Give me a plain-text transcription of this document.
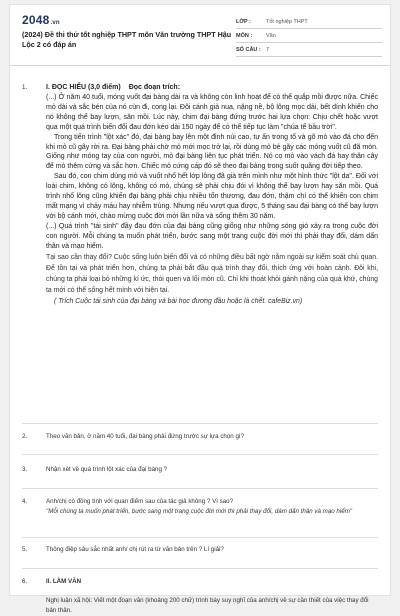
2048.vn
(2024) Đề thi thử tốt nghiệp THPT môn Văn trường THPT Hậu Lộc 2 có đáp án
LỚP :	Tốt nghiệp THPT
MÔN :	Văn
SỐ CÂU : 7
1.	I. ĐỌC HIỂU (3,0 điểm) Đọc đoạn trích:

(...) Ở năm 40 tuổi, móng vuốt đại bàng dài ra và không còn linh hoạt để có thể quắp mồi được nữa. Chiếc mỏ dài và sắc bén của nó cùn đi, cong lại. Đôi cánh già nua, nặng nề, bộ lông mọc dài, bết dính khiến cho nó không thể bay lượn, săn mồi. Lúc này, chim đại bàng đứng trước hai lựa chọn: Chịu chết hoặc vượt qua một quá trình biến đổi đau đớn kéo dài 150 ngày để có thể tiếp tục làm "chúa tể bầu trời".

Trong tiến trình "lột xác" đó, đại bàng bay lên một đỉnh núi cao, tự ẩn trong tổ và gõ mỏ vào đá cho đến khi mỏ cũ gãy rời ra. Đại bàng phải chờ mỏ mới mọc trở lại, rồi dùng mỏ bẻ gãy các móng vuốt cũ đã mòn. Giống như móng tay của con người, mỏ đại bàng liên tục phát triển. Nó cọ mỏ vào vách đá hay thân cây để mỏ thêm cứng và sắc hơn. Chiếc mỏ cứng cáp đó sẽ theo đại bàng trong suốt quãng đời tiếp theo.

Sau đó, con chim dùng mỏ và vuốt nhổ hết lớp lông đã già trên mình như một hình thức "lột da". Đối với loài chim, không có lông, không có mỏ, chúng sẽ phải chịu đói vì không thể bay lượn hay săn mồi. Quá trình nhổ lông cũng khiến đại bàng phải chịu nhiều tổn thương, đau đớn, thậm chí có thể khiến con chim mất mạng vì chảy máu hay nhiễm trùng. Nhưng nếu vượt qua được, 5 tháng sau đại bàng có thể bay lượn với bộ cánh mới, chào mừng cuộc đời mới lần nữa và sống thêm 30 năm.

(...) Quá trình "tái sinh" đầy đau đớn của đại bàng cũng giống như những sóng gió xảy ra trong cuộc đời con người. Mỗi chúng ta muốn phát triển, bước sang một trang cuộc đời mới thì phải thay đổi, dám dấn thân và mạo hiểm.

Tại sao cần thay đổi? Cuộc sống luôn biến đổi và có những điều bất ngờ nằm ngoài sự kiểm soát chủ quan. Để tồn tại và phát triển hơn, chúng ta phải bắt đầu quá trình thay đổi, thích ứng với hoàn cảnh. Đôi khi, chúng ta phải loại bỏ những kí ức, thói quen và lối mòn cũ. Chỉ khi thoát khỏi gánh nặng của quá khứ, chúng ta mới có thể sống hết mình với hiện tại.

( Trích Cuộc tái sinh của đại bàng và bài học đương đầu hoặc là chết. cafeBiz.vn)

2.	Theo văn bản, ở năm 40 tuổi, đại bàng phải đứng trước sự lựa chọn gì?
3.	Nhận xét về quá trình lột xác của đại bàng ?
4.	Anh/chị có đồng tình với quan điểm sau của tác giả không ? Vì sao?
"Mỗi chúng ta muốn phát triển, bước sang một trang cuộc đời mới thì phải thay đổi, dám dấn thân và mạo hiểm"
5.	Thông điệp sâu sắc nhất anh/ chị rút ra từ văn bản trên ? Lí giải?
6.	II. LÀM VĂN
Nghị luận xã hội: Viết một đoạn văn (khoảng 200 chữ) trình bày suy nghĩ của anh/chị về sự cần thiết của việc thay đổi bản thân.
